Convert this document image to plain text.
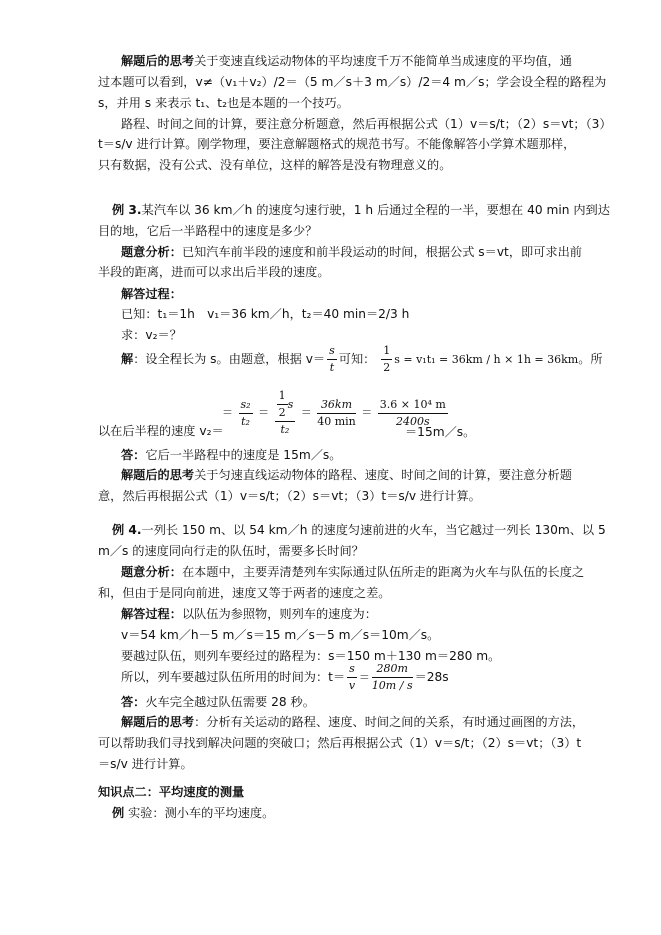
解题后的思考关于变速直线运动物体的平均速度千万不能简单当成速度的平均值，通
过本题可以看到，v≠（v₁＋v₂）/2＝（5 m／s＋3 m／s）/2＝4 m／s；学会设全程的路程为
s，并用 s 来表示 t₁、t₂也是本题的一个技巧。
路程、时间之间的计算，要注意分析题意，然后再根据公式（1）v＝s/t；（2）s＝vt；（3）
t＝s/v 进行计算。刚学物理，要注意解题格式的规范书写。不能像解答小学算术题那样，
只有数据，没有公式、没有单位，这样的解答是没有物理意义的。
例 3.某汽车以 36 km／h 的速度匀速行驶，1 h 后通过全程的一半，要想在 40 min 内到达
目的地，它后一半路程中的速度是多少？
题意分析：已知汽车前半段的速度和前半段运动的时间，根据公式 s＝vt，即可求出前
半段的距离，进而可以求出后半段的速度。
解答过程：
已知：t₁＝1h　v₁＝36 km／h，t₂＝40 min＝2/3 h
求：v₂＝？
解：设全程长为 s。由题意，根据 $v= \frac{s}{t}$ 可知： $\frac{1}{2}$ s = v₁t₁ = 36km / h × 1h = 36km。所
以在后半程的速度 v₂＝
＝ $\frac{\text{s₂}}{\text{t₂}} = \frac{\frac{1}{2} s}{\text{t₂}} = \frac{36km}{40 \min} = \frac{\text{3.6 × 10⁴ m}}{2400s}$
＝15m／s。
答：它后一半路程中的速度是 15m／s。
解题后的思考关于匀速直线运动物体的路程、速度、时间之间的计算，要注意分析题
意，然后再根据公式（1）v＝s/t；（2）s＝vt；（3）t＝s/v 进行计算。
例 4.一列长 150 m、以 54 km／h 的速度匀速前进的火车，当它越过一列长 130m、以 5
m／s 的速度同向行走的队伍时，需要多长时间？
题意分析：在本题中，主要弄清楚列车实际通过队伍所走的距离为火车与队伍的长度之
和，但由于是同向前进，速度又等于两者的速度之差。
解答过程：以队伍为参照物，则列车的速度为：
v＝54 km／h－5 m／s＝15 m／s－5 m／s＝10m／s。
要越过队伍，则列车要经过的路程为：s＝150 m＋130 m＝280 m。
所以，列车要越过队伍所用的时间为：$t= \frac{s}{v} = \frac{280m}{10m / s} =28s$
答：火车完全越过队伍需要 28 秒。
解题后的思考：分析有关运动的路程、速度、时间之间的关系，有时通过画图的方法，
可以帮助我们寻找到解决问题的突破口；然后再根据公式（1）v＝s/t；（2）s＝vt；（3）t
＝s/v 进行计算。
知识点二：平均速度的测量
例 实验：测小车的平均速度。
